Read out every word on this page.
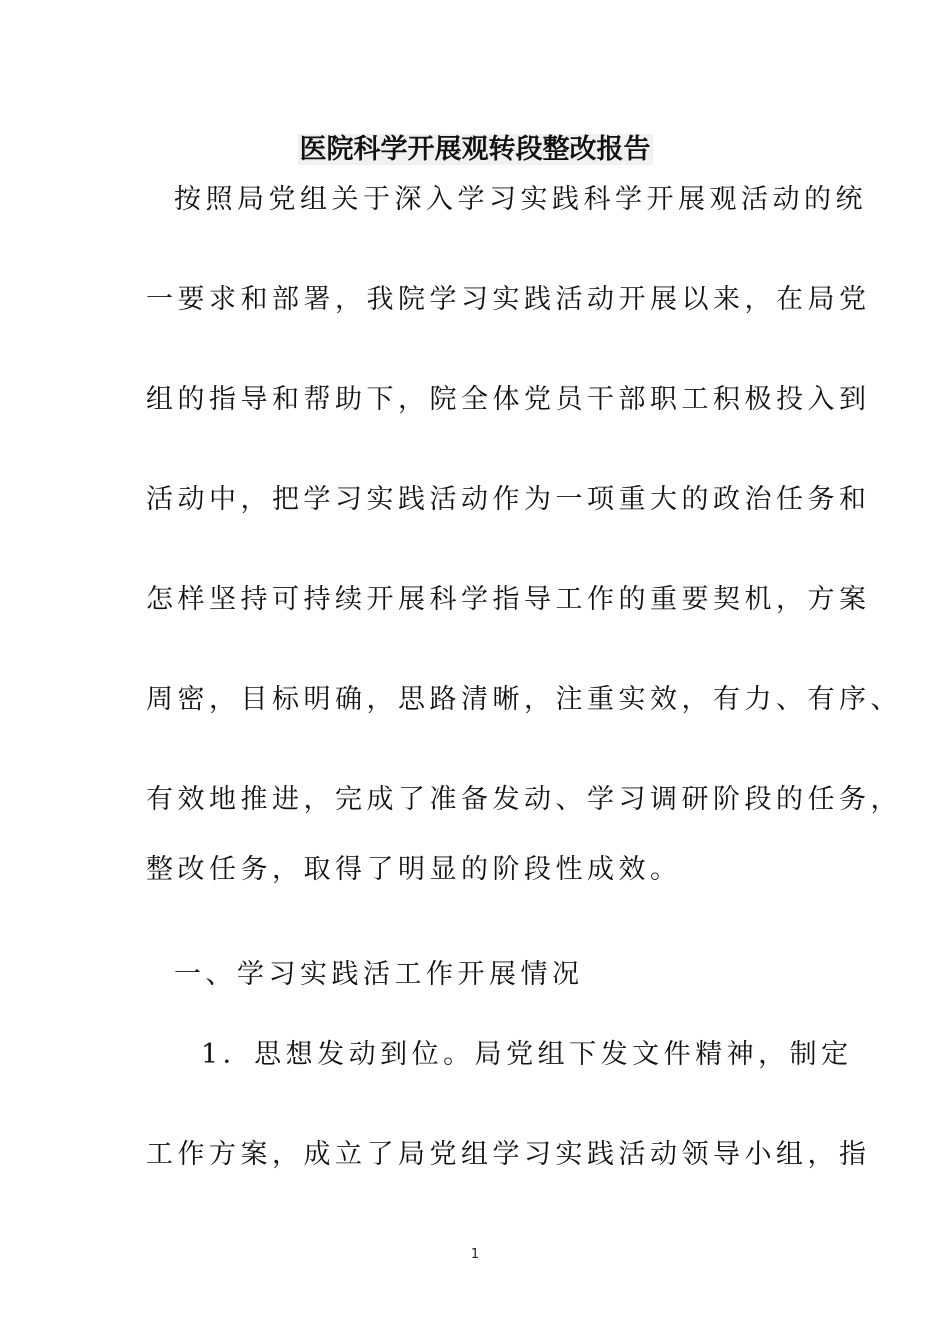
医院科学开展观转段整改报告
按照局党组关于深入学习实践科学开展观活动的统
一要求和部署，我院学习实践活动开展以来，在局党
组的指导和帮助下，院全体党员干部职工积极投入到
活动中，把学习实践活动作为一项重大的政治任务和
怎样坚持可持续开展科学指导工作的重要契机，方案
周密，目标明确，思路清晰，注重实效，有力、有序、
有效地推进，完成了准备发动、学习调研阶段的任务，
整改任务，取得了明显的阶段性成效。
一、学习实践活工作开展情况
1．思想发动到位。局党组下发文件精神，制定
工作方案，成立了局党组学习实践活动领导小组，指
1
